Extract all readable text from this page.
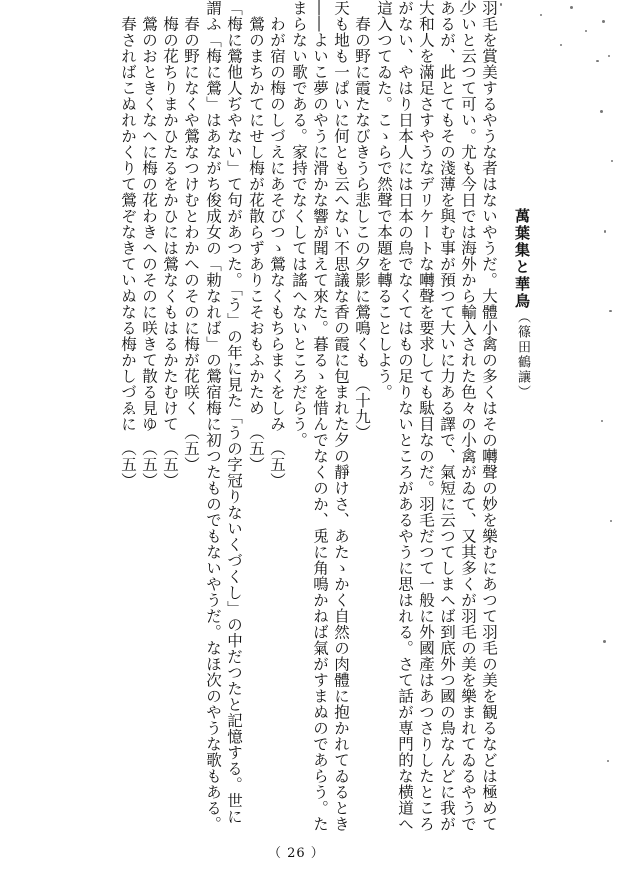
萬葉集と華鳥（篠田鶴讓）
羽毛を賞美するやうな者はないやうだ。大體小禽の多くはその囀聲の妙を樂むにあつて羽毛の美を観るなどは極めて
少いと云つて可い。尤も今日では海外から輸入された色々の小禽がゐて、又其多くが羽毛の美を樂まれてゐるやうで
あるが、此とてもその淺薄を與む事が預つて大いに力ある譯で、氣短に云つてしまへば到底外つ國の鳥なんどに我が
大和人を滿足さすやうなデリケートな囀聲を要求しても駄目なのだ。羽毛だつて一般に外國產はあつさりしたところ
がない、やはり日本人には日本の鳥でなくてはもの足りないところがあるやうに思はれる。さて話が専門的な横道へ
這入つてゐた。こゝらで然聲で本題を轉ることしよう。
　春の野に霞たなびきうら悲しこの夕影に鶯鳴くも　（十九）
天も地も一ぱいに何とも云へない不思議な香の霞に包まれた夕の靜けさ、あたゝかく自然の肉體に抱かれてゐるとき
――よいこ夢のやうに滑かな響が聞えて來た。暮るゝを惜んでなくのか、兎に角鳴かねば氣がすまぬのであらう。た
まらない歌である。家持でなくしては謠へないところだらう。
　わが宿の梅のしづえにあそびつゝ鶯なくもちらまくをしみ　（五）
　鶯のまちかてにせし梅が花散らずありこそおもふかため　（五）
「梅に鶯他人ぢやない」て句があつた。「う」の年に見た「うの字冠りないくづくし」の中だつたと記憶する。世に
謂ふ「梅に鶯」はあながち俊成女の「勅なれば」の鶯宿梅に初つたものでもないやうだ。なほ次のやうな歌もある。
　春の野になくや鶯なつけむとわかへのそのに梅が花咲く　（五）
　梅の花ちりまかひたるをかひには鶯なくもはるかたむけて　（五）
　鶯のおときくなへに梅の花わきへのそのに咲きて散る見ゆ　（五）
　春さればこぬれかくりて鶯ぞなきていぬなる梅かしづゑに　（五）
（ 26 ）
